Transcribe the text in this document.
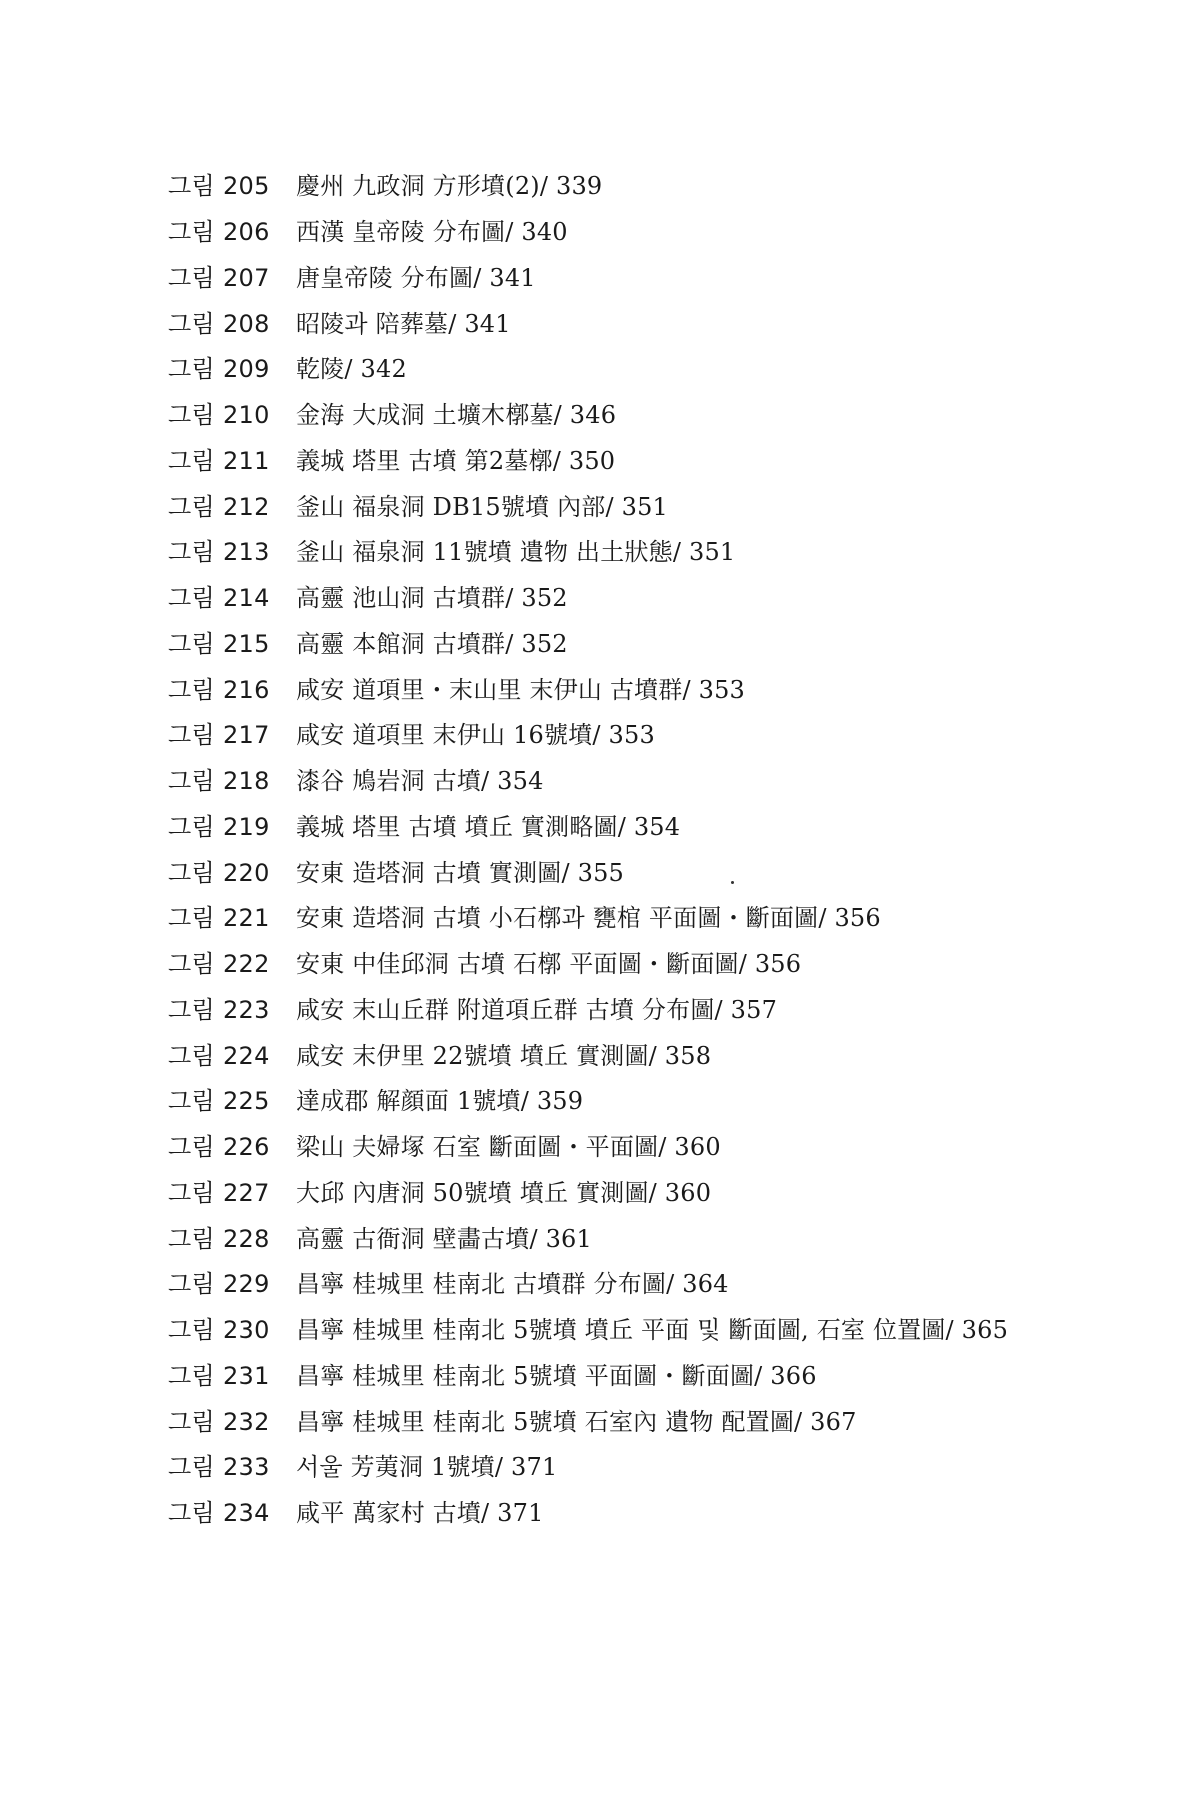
그림 205	慶州 九政洞 方形墳(2)/ 339
그림 206	西漢 皇帝陵 分布圖/ 340
그림 207	唐皇帝陵 分布圖/ 341
그림 208	昭陵과 陪葬墓/ 341
그림 209	乾陵/ 342
그림 210	金海 大成洞 土壙木槨墓/ 346
그림 211	義城 塔里 古墳 第2墓槨/ 350
그림 212	釜山 福泉洞 DB15號墳 內部/ 351
그림 213	釜山 福泉洞 11號墳 遺物 出土狀態/ 351
그림 214	高靈 池山洞 古墳群/ 352
그림 215	高靈 本館洞 古墳群/ 352
그림 216	咸安 道項里・末山里 末伊山 古墳群/ 353
그림 217	咸安 道項里 末伊山 16號墳/ 353
그림 218	漆谷 鳩岩洞 古墳/ 354
그림 219	義城 塔里 古墳 墳丘 實測略圖/ 354
그림 220	安東 造塔洞 古墳 實測圖/ 355
그림 221	安東 造塔洞 古墳 小石槨과 甕棺 平面圖・斷面圖/ 356
그림 222	安東 中佳邱洞 古墳 石槨 平面圖・斷面圖/ 356
그림 223	咸安 末山丘群 附道項丘群 古墳 分布圖/ 357
그림 224	咸安 末伊里 22號墳 墳丘 實測圖/ 358
그림 225	達成郡 解顔面 1號墳/ 359
그림 226	梁山 夫婦塚 石室 斷面圖・平面圖/ 360
그림 227	大邱 內唐洞 50號墳 墳丘 實測圖/ 360
그림 228	高靈 古衙洞 壁畵古墳/ 361
그림 229	昌寧 桂城里 桂南北 古墳群 分布圖/ 364
그림 230	昌寧 桂城里 桂南北 5號墳 墳丘 平面 및 斷面圖, 石室 位置圖/ 365
그림 231	昌寧 桂城里 桂南北 5號墳 平面圖・斷面圖/ 366
그림 232	昌寧 桂城里 桂南北 5號墳 石室內 遺物 配置圖/ 367
그림 233	서울 芳荑洞 1號墳/ 371
그림 234	咸平 萬家村 古墳/ 371
